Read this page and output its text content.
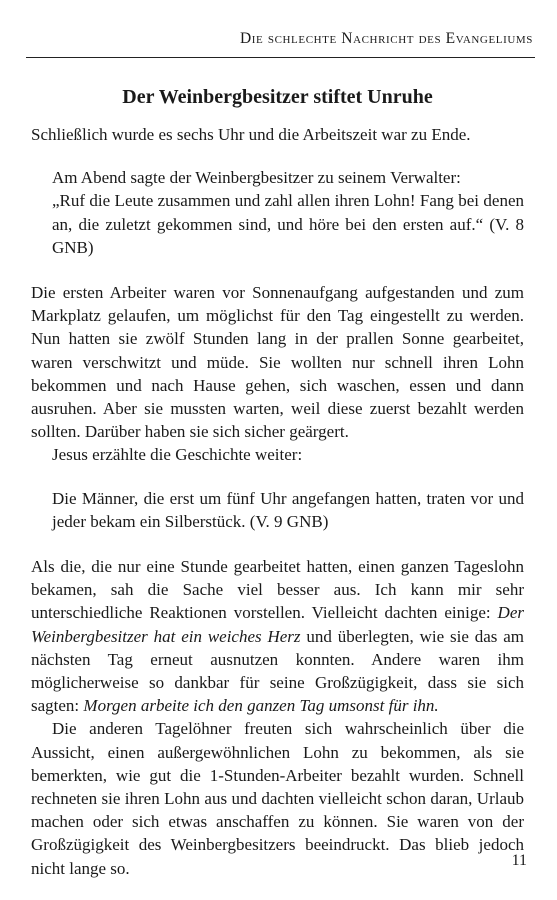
Die schlechte Nachricht des Evangeliums
Der Weinbergbesitzer stiftet Unruhe

Schließlich wurde es sechs Uhr und die Arbeitszeit war zu Ende.

Am Abend sagte der Weinbergbesitzer zu seinem Verwalter:
„Ruf die Leute zusammen und zahl allen ihren Lohn! Fang bei denen an, die zuletzt gekommen sind, und höre bei den ersten auf.“ (V. 8 GNB)

Die ersten Arbeiter waren vor Sonnenaufgang aufgestanden und zum Markplatz gelaufen, um möglichst für den Tag eingestellt zu werden. Nun hatten sie zwölf Stunden lang in der prallen Sonne gearbeitet, waren verschwitzt und müde. Sie wollten nur schnell ihren Lohn bekommen und nach Hause gehen, sich waschen, essen und dann ausruhen. Aber sie mussten warten, weil diese zuerst bezahlt werden sollten. Darüber haben sie sich sicher geärgert.

Jesus erzählte die Geschichte weiter:

Die Männer, die erst um fünf Uhr angefangen hatten, traten vor und jeder bekam ein Silberstück. (V. 9 GNB)

Als die, die nur eine Stunde gearbeitet hatten, einen ganzen Tageslohn bekamen, sah die Sache viel besser aus. Ich kann mir sehr unterschiedliche Reaktionen vorstellen. Vielleicht dachten einige: Der Weinbergbesitzer hat ein weiches Herz und überlegten, wie sie das am nächsten Tag erneut ausnutzen konnten. Andere waren ihm möglicherweise so dankbar für seine Großzügigkeit, dass sie sich sagten: Morgen arbeite ich den ganzen Tag umsonst für ihn.

Die anderen Tagelöhner freuten sich wahrscheinlich über die Aussicht, einen außergewöhnlichen Lohn zu bekommen, als sie bemerkten, wie gut die 1-Stunden-Arbeiter bezahlt wurden. Schnell rechneten sie ihren Lohn aus und dachten vielleicht schon daran, Urlaub machen oder sich etwas anschaffen zu können. Sie waren von der Großzügigkeit des Weinbergbesitzers beeindruckt. Das blieb jedoch nicht lange so.	11
